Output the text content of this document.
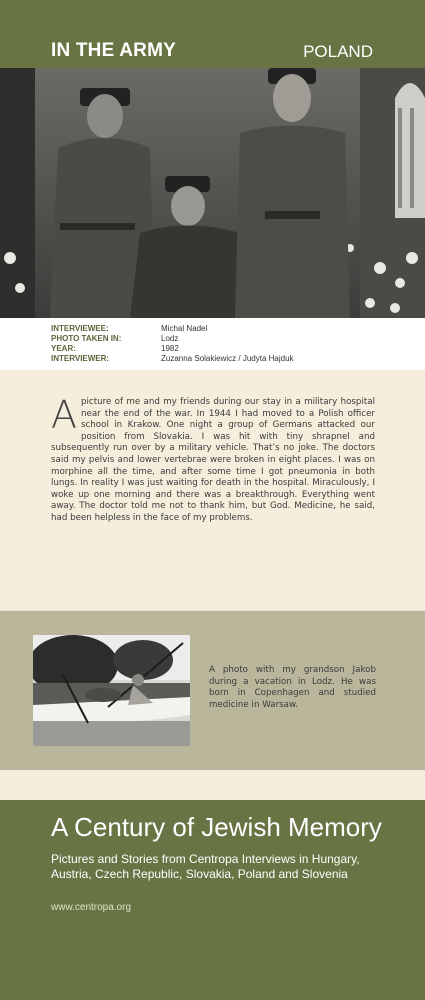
IN THE ARMY	POLAND
INTERVIEWEE:	Michal Nadel
PHOTO TAKEN IN:	Lodz
YEAR:	1982
INTERVIEWER:	Zuzanna Solakiewicz / Judyta Hajduk
A picture of me and my friends during our stay in a military hospital near the end of the war. In 1944 I had moved to a Polish officer school in Krakow. One night a group of Germans attacked our position from Slovakia. I was hit with tiny shrapnel and subsequently run over by a military vehicle. That’s no joke. The doctors said my pelvis and lower vertebrae were broken in eight places. I was on morphine all the time, and after some time I got pneumonia in both lungs. In reality I was just waiting for death in the hospital. Miraculously, I woke up one morning and there was a breakthrough. Everything went away. The doctor told me not to thank him, but God. Medicine, he said, had been helpless in the face of my problems.
A photo with my grandson Jakob during a vacation in Lodz. He was born in Copenhagen and studied medicine in Warsaw.
A Century of Jewish Memory
Pictures and Stories from Centropa Interviews in Hungary, Austria, Czech Republic, Slovakia, Poland and Slovenia
www.centropa.org
